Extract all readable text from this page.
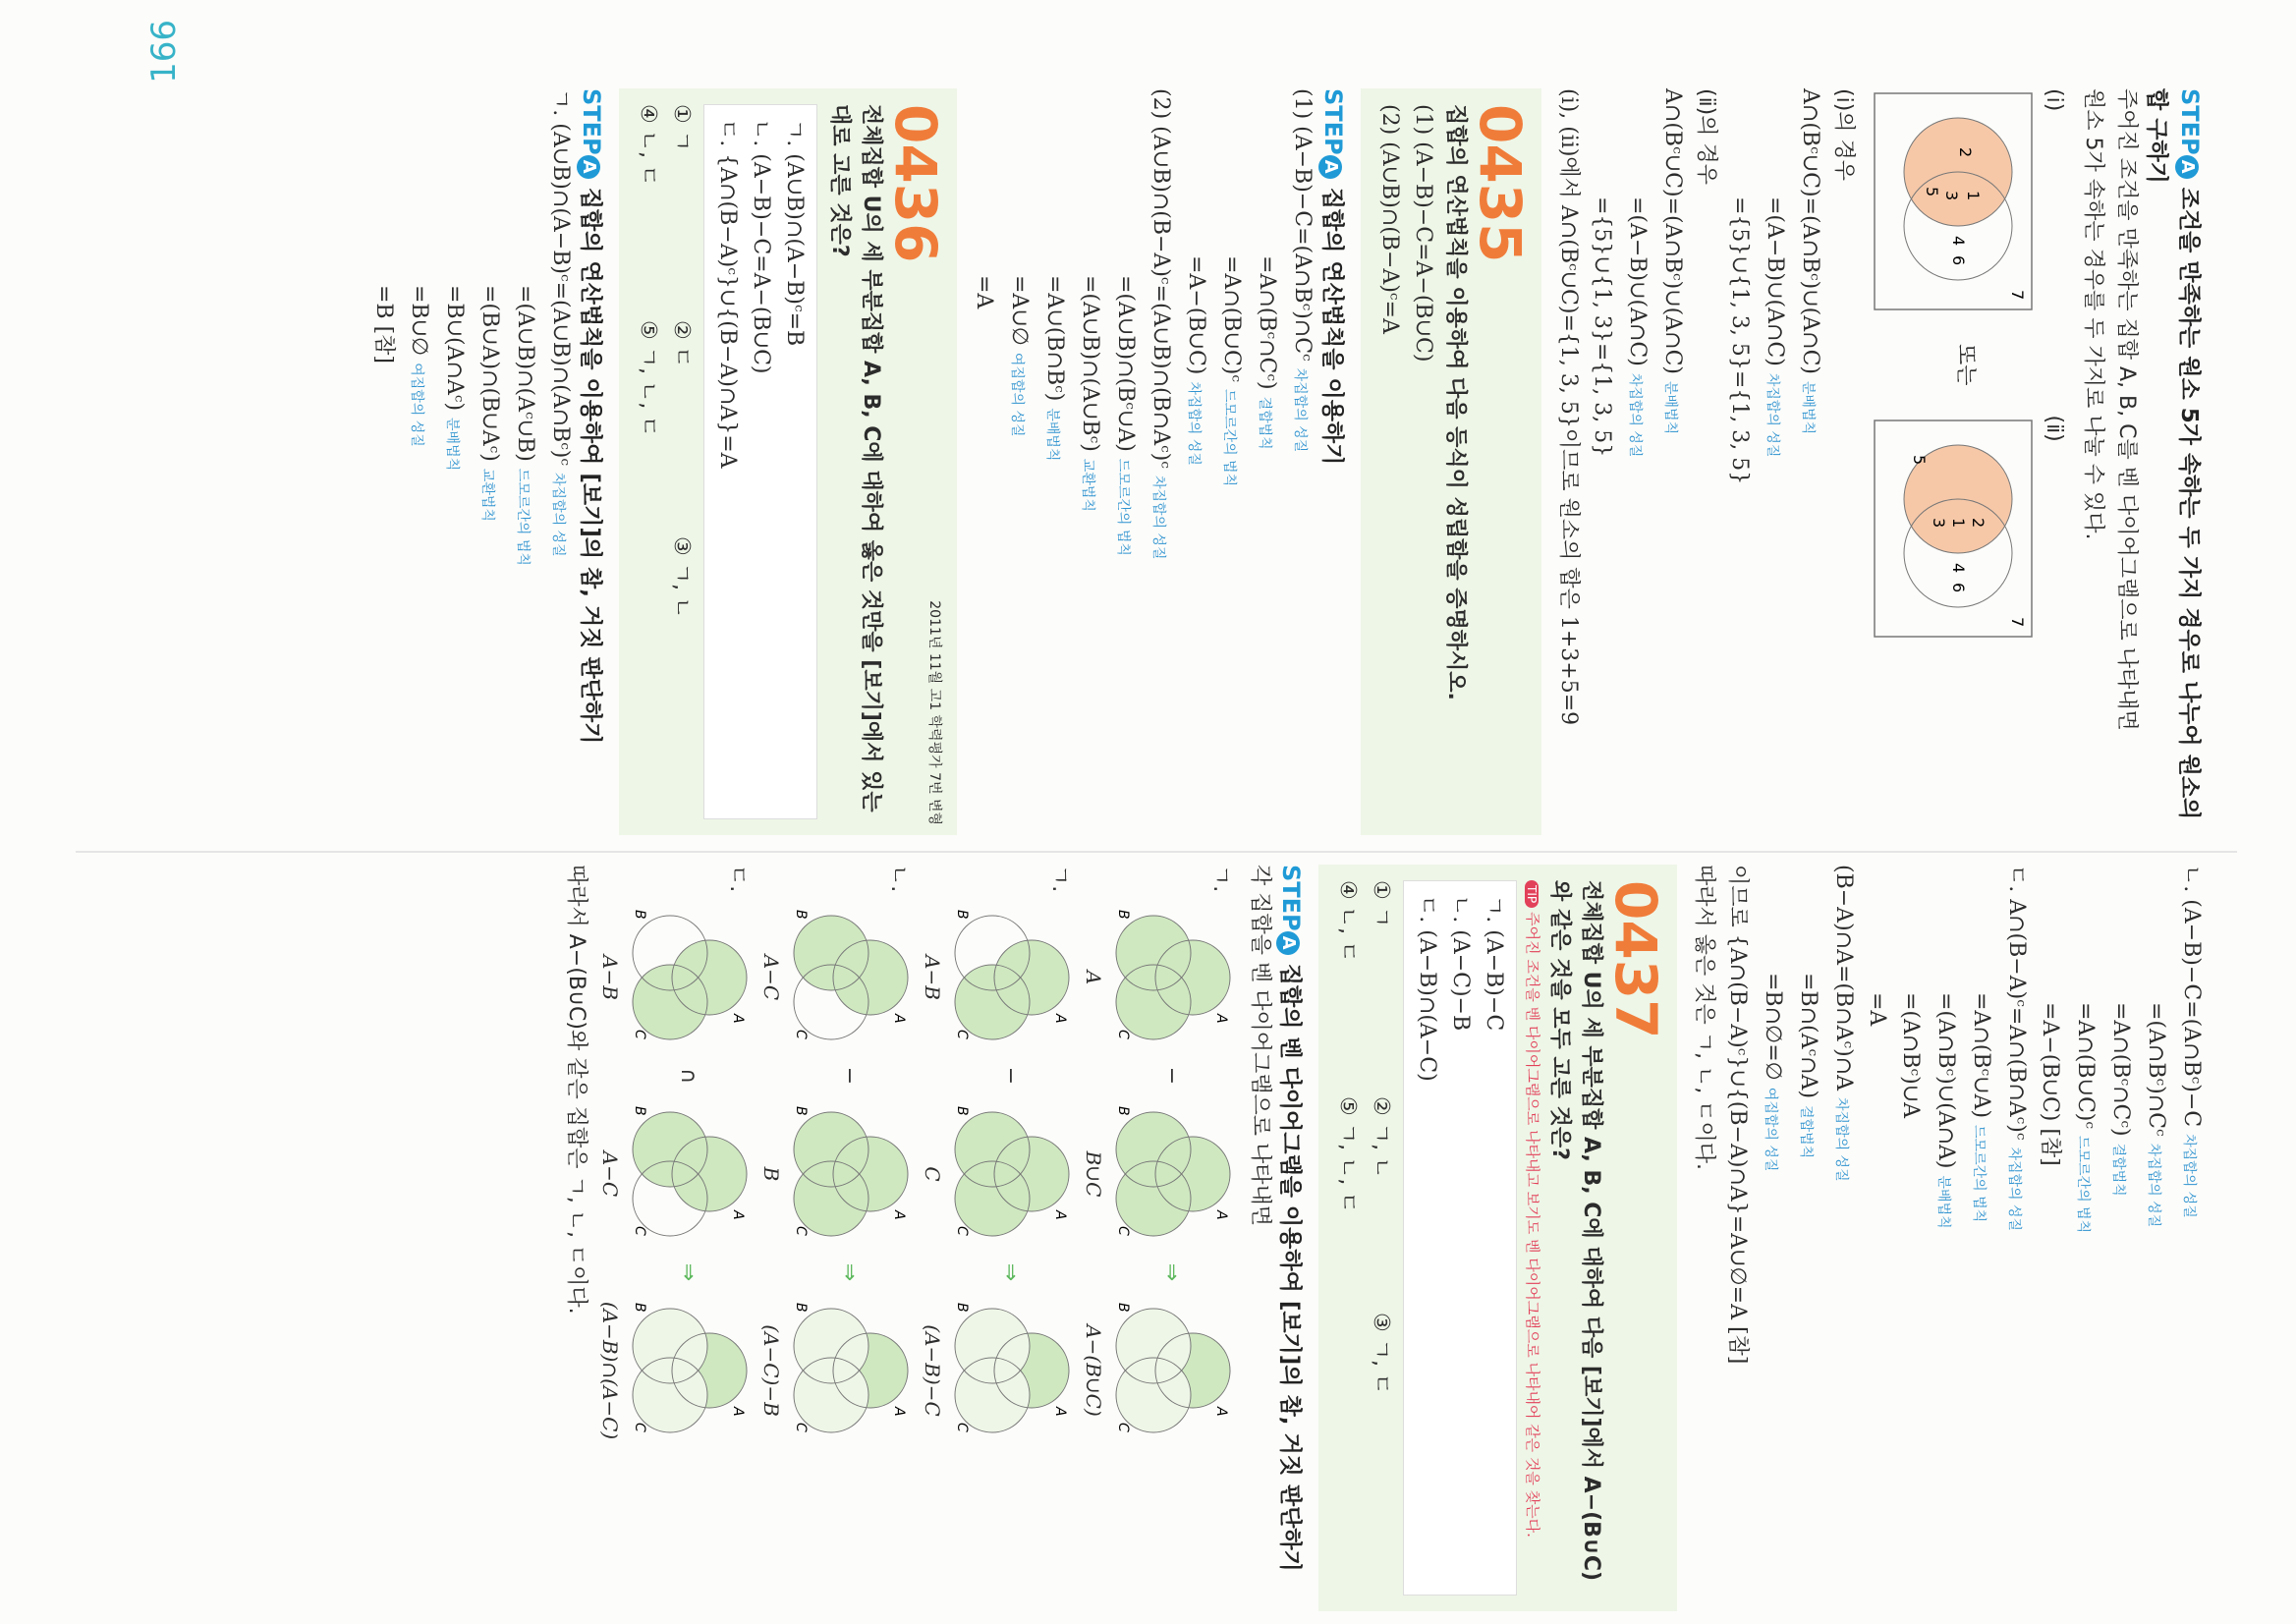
166
STEPA 조건을 만족하는 원소 5가 속하는 두 가지 경우로 나누어 원소의 합 구하기
주어진 조건을 만족하는 집합 A, B, C를 벤 다이어그램으로 나타내면
원소 5가 속하는 경우를 두 가지로 나눌 수 있다.
(ⅰ)
2
1
3
5
4
6
7
또는
(ⅱ)
2
1
3
5
4
6
7
(ⅰ)의 경우
A∩(Bᶜ∪C)=(A∩Bᶜ)∪(A∩C) 분배법칙
=(A−B)∪(A∩C) 차집합의 성질
={5}∪{1, 3, 5}={1, 3, 5}
(ⅱ)의 경우
A∩(Bᶜ∪C)=(A∩Bᶜ)∪(A∩C) 분배법칙
=(A−B)∪(A∩C) 차집합의 성질
={5}∪{1, 3}={1, 3, 5}
(ⅰ), (ⅱ)에서 A∩(Bᶜ∪C)={1, 3, 5}이므로 원소의 합은 1+3+5=9
0435
집합의 연산법칙을 이용하여 다음 등식이 성립함을 증명하시오.
(1) (A−B)−C=A−(B∪C)
(2) (A∪B)∩(B−A)ᶜ=A
STEPA 집합의 연산법칙을 이용하기
(1) (A−B)−C=(A∩Bᶜ)∩Cᶜ 차집합의 성질
=A∩(Bᶜ∩Cᶜ) 결합법칙
=A∩(B∪C)ᶜ 드모르간의 법칙
=A−(B∪C) 차집합의 성질
(2) (A∪B)∩(B−A)ᶜ=(A∪B)∩(B∩Aᶜ)ᶜ 차집합의 성질
=(A∪B)∩(Bᶜ∪A) 드모르간의 법칙
=(A∪B)∩(A∪Bᶜ) 교환법칙
=A∪(B∩Bᶜ) 분배법칙
=A∪∅ 여집합의 성질
=A
2011년 11월 고1 학력평가 7번 변형
0436
전체집합 U의 세 부분집합 A, B, C에 대하여 옳은 것만을 [보기]에서 있는 대로 고른 것은?
ㄱ. (A∪B)∩(A−B)ᶜ=B
ㄴ. (A−B)−C=A−(B∪C)
ㄷ. {A∩(B−A)ᶜ}∪{(B−A)∩A}=A
① ㄱ② ㄷ③ ㄱ, ㄴ
④ ㄴ, ㄷ⑤ ㄱ, ㄴ, ㄷ
STEPA 집합의 연산법칙을 이용하여 [보기]의 참, 거짓 판단하기
ㄱ. (A∪B)∩(A−B)ᶜ=(A∪B)∩(A∩Bᶜ)ᶜ 차집합의 성질
=(A∪B)∩(Aᶜ∪B) 드모르간의 법칙
=(B∪A)∩(B∪Aᶜ) 교환법칙
=B∪(A∩Aᶜ) 분배법칙
=B∪∅ 여집합의 성질
=B [참]
ㄴ. (A−B)−C=(A∩Bᶜ)−C 차집합의 성질
=(A∩Bᶜ)∩Cᶜ 차집합의 성질
=A∩(Bᶜ∩Cᶜ) 결합법칙
=A∩(B∪C)ᶜ 드모르간의 법칙
=A−(B∪C) [참]
ㄷ. A∩(B−A)ᶜ=A∩(B∩Aᶜ)ᶜ 차집합의 성질
=A∩(Bᶜ∪A) 드모르간의 법칙
=(A∩Bᶜ)∪(A∩A) 분배법칙
=(A∩Bᶜ)∪A
=A
(B−A)∩A=(B∩Aᶜ)∩A 차집합의 성질
=B∩(Aᶜ∩A) 결합법칙
=B∩∅=∅ 여집합의 성질
이므로 {A∩(B−A)ᶜ}∪{(B−A)∩A}=A∪∅=A [참]
따라서 옳은 것은 ㄱ, ㄴ, ㄷ이다.
0437
전체집합 U의 세 부분집합 A, B, C에 대하여 다음 [보기]에서 A−(B∪C)와 같은 것을 모두 고른 것은?
TIP주어진 조건을 벤 다이어그램으로 나타내고 보기도 벤 다이어그램으로 나타내어 같은 것을 찾는다.
ㄱ. (A−B)−C
ㄴ. (A−C)−B
ㄷ. (A−B)∩(A−C)
① ㄱ② ㄱ, ㄴ③ ㄱ, ㄷ
④ ㄴ, ㄷ⑤ ㄱ, ㄴ, ㄷ
STEPA 집합의 벤 다이어그램을 이용하여 [보기]의 참, 거짓 판단하기
각 집합을 벤 다이어그램으로 나타내면
ㄱ.
A
B
C
A
−
A
B
C
B∪C
⇒
A
B
C
A−(B∪C)
ㄱ.
A
B
C
A−B
−
A
B
C
C
⇒
A
B
C
(A−B)−C
ㄴ.
A
B
C
A−C
−
A
B
C
B
⇒
A
B
C
(A−C)−B
ㄷ.
A
B
C
A−B
∩
A
B
C
A−C
⇒
A
B
C
(A−B)∩(A−C)
따라서 A−(B∪C)와 같은 집합은 ㄱ, ㄴ, ㄷ이다.
